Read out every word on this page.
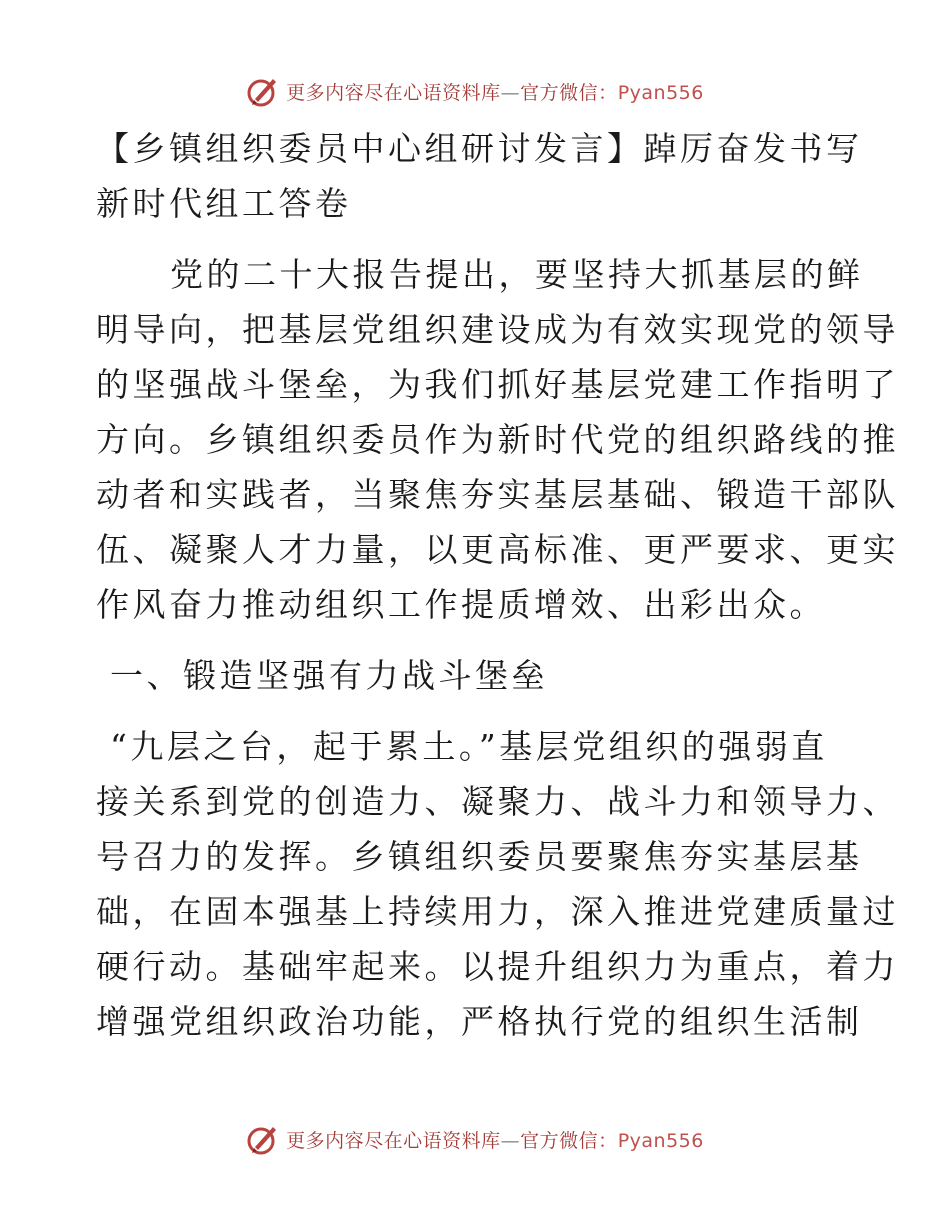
更多内容尽在心语资料库—官方微信：Pyan556
【乡镇组织委员中心组研讨发言】踔厉奋发书写
新时代组工答卷
党的二十大报告提出，要坚持大抓基层的鲜
明导向，把基层党组织建设成为有效实现党的领导
的坚强战斗堡垒，为我们抓好基层党建工作指明了
方向。乡镇组织委员作为新时代党的组织路线的推
动者和实践者，当聚焦夯实基层基础、锻造干部队
伍、凝聚人才力量，以更高标准、更严要求、更实
作风奋力推动组织工作提质增效、出彩出众。
一、锻造坚强有力战斗堡垒
“九层之台，起于累土。”基层党组织的强弱直
接关系到党的创造力、凝聚力、战斗力和领导力、
号召力的发挥。乡镇组织委员要聚焦夯实基层基
础，在固本强基上持续用力，深入推进党建质量过
硬行动。基础牢起来。以提升组织力为重点，着力
增强党组织政治功能，严格执行党的组织生活制
更多内容尽在心语资料库—官方微信：Pyan556
